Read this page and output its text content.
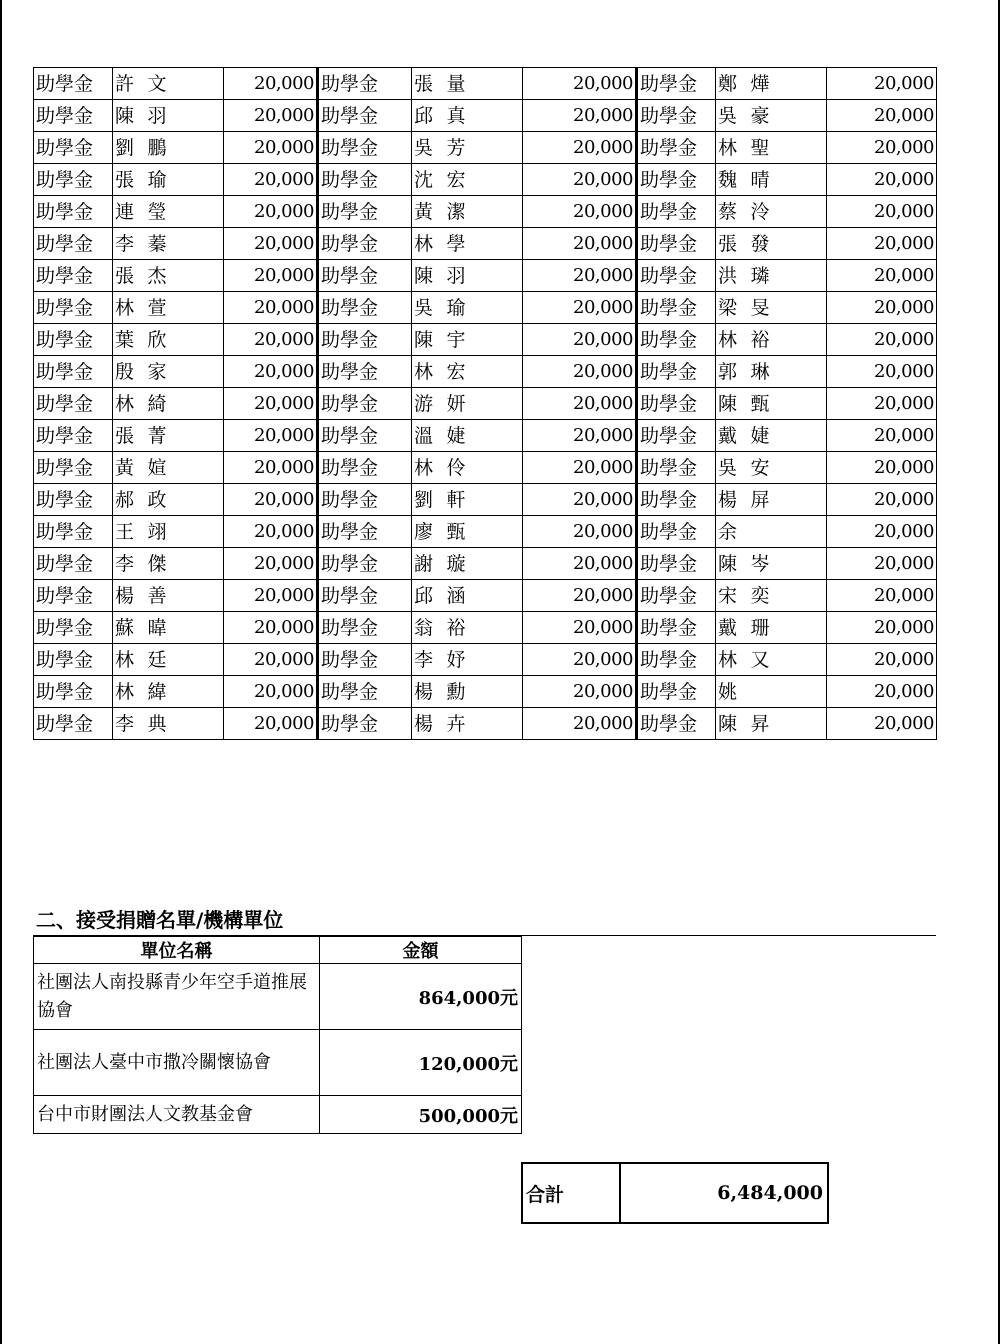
助學金	許	文	20,000	助學金	張	量	20,000	助學金	鄭	燁	20,000
助學金	陳	羽	20,000	助學金	邱	真	20,000	助學金	吳	豪	20,000
助學金	劉	鵬	20,000	助學金	吳	芳	20,000	助學金	林	聖	20,000
助學金	張	瑜	20,000	助學金	沈	宏	20,000	助學金	魏	晴	20,000
助學金	連	瑩	20,000	助學金	黃	潔	20,000	助學金	蔡	泠	20,000
助學金	李	蓁	20,000	助學金	林	學	20,000	助學金	張	發	20,000
助學金	張	杰	20,000	助學金	陳	羽	20,000	助學金	洪	璘	20,000
助學金	林	萱	20,000	助學金	吳	瑜	20,000	助學金	梁	旻	20,000
助學金	葉	欣	20,000	助學金	陳	宇	20,000	助學金	林	裕	20,000
助學金	殷	家	20,000	助學金	林	宏	20,000	助學金	郭	琳	20,000
助學金	林	綺	20,000	助學金	游	妍	20,000	助學金	陳	甄	20,000
助學金	張	菁	20,000	助學金	溫	婕	20,000	助學金	戴	婕	20,000
助學金	黃	媗	20,000	助學金	林	伶	20,000	助學金	吳	安	20,000
助學金	郝	政	20,000	助學金	劉	軒	20,000	助學金	楊	屏	20,000
助學金	王	翊	20,000	助學金	廖	甄	20,000	助學金	余		20,000
助學金	李	傑	20,000	助學金	謝	璇	20,000	助學金	陳	岑	20,000
助學金	楊	善	20,000	助學金	邱	涵	20,000	助學金	宋	奕	20,000
助學金	蘇	暐	20,000	助學金	翁	裕	20,000	助學金	戴	珊	20,000
助學金	林	廷	20,000	助學金	李	妤	20,000	助學金	林	又	20,000
助學金	林	緯	20,000	助學金	楊	勳	20,000	助學金	姚		20,000
助學金	李	典	20,000	助學金	楊	卉	20,000	助學金	陳	昇	20,000
二、接受捐贈名單/機構單位
單位名稱	金額
社團法人南投縣青少年空手道推展協會	864,000元
社團法人臺中市撒冷關懷協會	120,000元
台中市財團法人文教基金會	500,000元
合計	6,484,000
